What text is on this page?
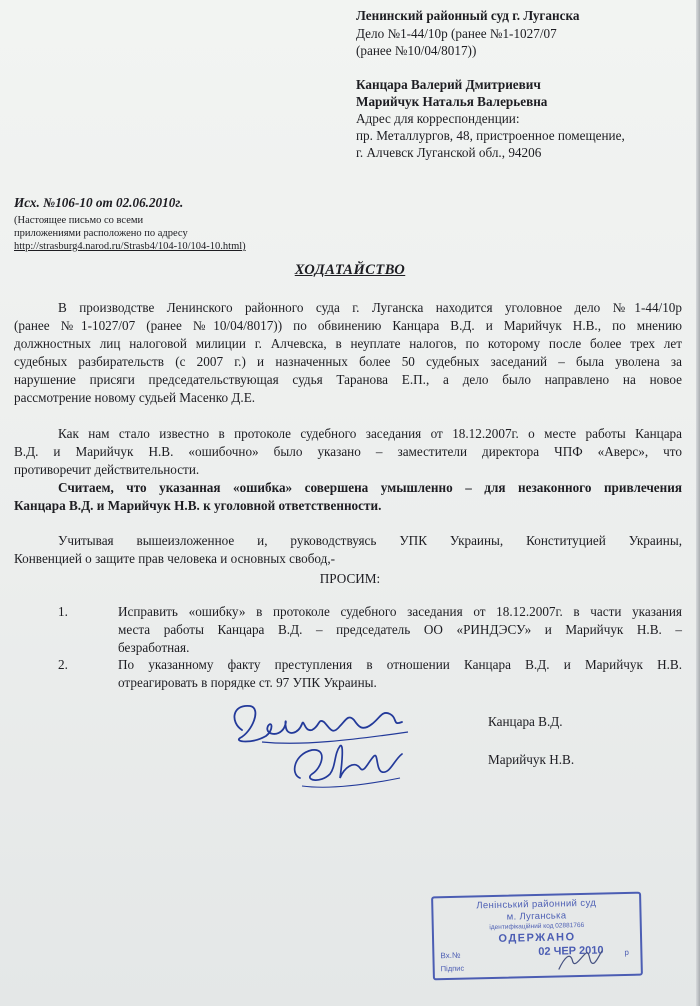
Ленинский районный суд г. Луганска
Дело №1-44/10р (ранее №1-1027/07
(ранее №10/04/8017))
Канцара Валерий Дмитриевич
Марийчук Наталья Валерьевна
Адрес для корреспонденции:
пр. Металлургов, 48, пристроенное помещение,
г. Алчевск Луганской обл., 94206
Исх. №106-10 от 02.06.2010г.
(Настоящее письмо со всеми
приложениями расположено по адресу
http://strasburg4.narod.ru/Strasb4/104-10/104-10.html)
ХОДАТАЙСТВО
В производстве Ленинского районного суда г. Луганска находится уголовное дело №1-44/10р
(ранее №1-1027/07 (ранее №10/04/8017)) по обвинению Канцара В.Д. и Марийчук Н.В., по мнению
должностных лиц налоговой милиции г. Алчевска, в неуплате налогов, по которому после более трех лет
судебных разбирательств (с 2007 г.) и назначенных более 50 судебных заседаний – была уволена за
нарушение присяги председательствующая судья Таранова Е.П., а дело было направлено на новое
рассмотрение новому судьей Масенко Д.Е.
Как нам стало известно в протоколе судебного заседания от 18.12.2007г. о месте работы Канцара
В.Д. и Марийчук Н.В. «ошибочно» было указано – заместители директора ЧПФ «Аверс», что
противоречит действительности.
Считаем, что указанная «ошибка» совершена умышленно – для незаконного привлечения
Канцара В.Д. и Марийчук Н.В. к уголовной ответственности.
Учитывая вышеизложенное и, руководствуясь УПК Украины, Конституцией Украины,
Конвенцией о защите прав человека и основных свобод,-
ПРОСИМ:
1.	Исправить «ошибку» в протоколе судебного заседания от 18.12.2007г. в части указания
места работы Канцара В.Д. – председатель ОО «РИНДЭСУ» и Марийчук Н.В. –
безработная.
2.	По указанному факту преступления в отношении Канцара В.Д. и Марийчук Н.В.
отреагировать в порядке ст. 97 УПК Украины.
Канцара В.Д.
Марийчук Н.В.
Ленінський районний суд
м. Луганська
ідентифікаційний код 02881766
ОДЕРЖАНО
Вх.№	02 ЧЕР 2010	р
Підпис
